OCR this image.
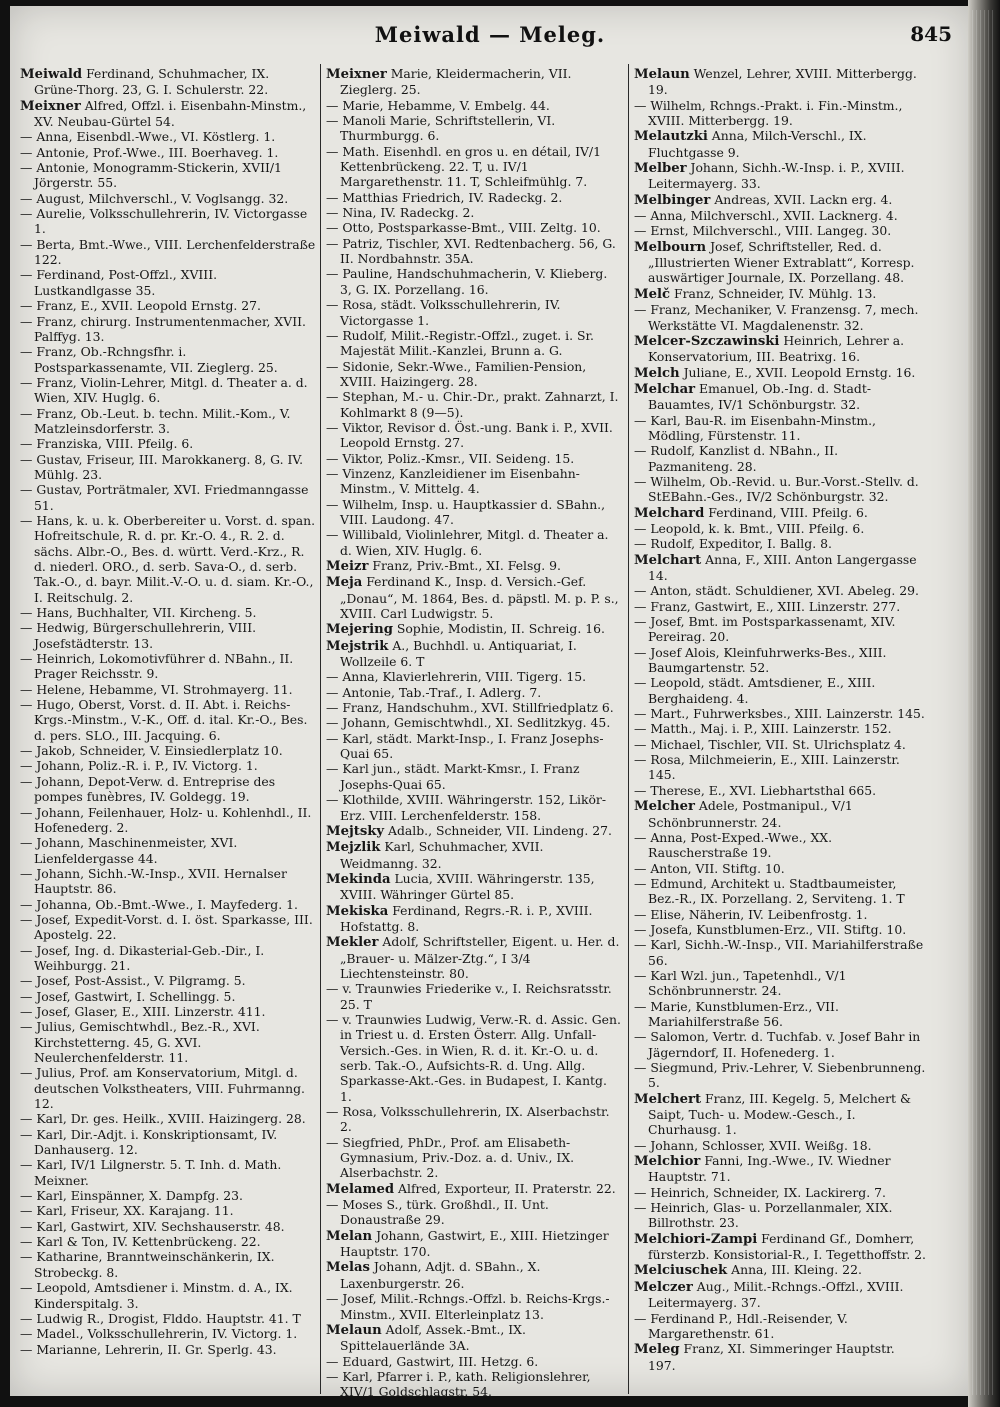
Meiwald — Meleg.	845

Meiwald Ferdinand, Schuhmacher, IX. Grüne-Thorg. 23, G. I. Schulerstr. 22.

Meixner Alfred, Offzl. i. Eisenbahn-Minstm., XV. Neubau-Gürtel 54.

— Anna, Eisenbdl.-Wwe., VI. Köstlerg. 1.

— Antonie, Prof.-Wwe., III. Boerhaveg. 1.

— Antonie, Monogramm-Stickerin, XVII/1 Jörgerstr. 55.

— August, Milchverschl., V. Voglsangg. 32.

— Aurelie, Volksschullehrerin, IV. Victorgasse 1.

— Berta, Bmt.-Wwe., VIII. Lerchenfelderstraße 122.

— Ferdinand, Post-Offzl., XVIII. Lustkandlgasse 35.

— Franz, E., XVII. Leopold Ernstg. 27.

— Franz, chirurg. Instrumentenmacher, XVII. Palffyg. 13.

— Franz, Ob.-Rchngsfhr. i. Postsparkassenamte, VII. Zieglerg. 25.

— Franz, Violin-Lehrer, Mitgl. d. Theater a. d. Wien, XIV. Huglg. 6.

— Franz, Ob.-Leut. b. techn. Milit.-Kom., V. Matzleinsdorferstr. 3.

— Franziska, VIII. Pfeilg. 6.

— Gustav, Friseur, III. Marokkanerg. 8, G. IV. Mühlg. 23.

— Gustav, Porträtmaler, XVI. Friedmanngasse 51.

— Hans, k. u. k. Oberbereiter u. Vorst. d. span. Hofreitschule, R. d. pr. Kr.-O. 4., R. 2. d. sächs. Albr.-O., Bes. d. württ. Verd.-Krz., R. d. niederl. ORO., d. serb. Sava-O., d. serb. Tak.-O., d. bayr. Milit.-V.-O. u. d. siam. Kr.-O., I. Reitschulg. 2.

— Hans, Buchhalter, VII. Kircheng. 5.

— Hedwig, Bürgerschullehrerin, VIII. Josefstädterstr. 13.

— Heinrich, Lokomotivführer d. NBahn., II. Prager Reichsstr. 9.

— Helene, Hebamme, VI. Strohmayerg. 11.

— Hugo, Oberst, Vorst. d. II. Abt. i. Reichs-Krgs.-Minstm., V.-K., Off. d. ital. Kr.-O., Bes. d. pers. SLO., III. Jacquing. 6.

— Jakob, Schneider, V. Einsiedlerplatz 10.

— Johann, Poliz.-R. i. P., IV. Victorg. 1.

— Johann, Depot-Verw. d. Entreprise des pompes funèbres, IV. Goldegg. 19.

— Johann, Feilenhauer, Holz- u. Kohlenhdl., II. Hofenederg. 2.

— Johann, Maschinenmeister, XVI. Lienfeldergasse 44.

— Johann, Sichh.-W.-Insp., XVII. Hernalser Hauptstr. 86.

— Johanna, Ob.-Bmt.-Wwe., I. Mayfederg. 1.

— Josef, Expedit-Vorst. d. I. öst. Sparkasse, III. Apostelg. 22.

— Josef, Ing. d. Dikasterial-Geb.-Dir., I. Weihburgg. 21.

— Josef, Post-Assist., V. Pilgramg. 5.

— Josef, Gastwirt, I. Schellingg. 5.

— Josef, Glaser, E., XIII. Linzerstr. 411.

— Julius, Gemischtwhdl., Bez.-R., XVI. Kirchstetterng. 45, G. XVI. Neulerchenfelderstr. 11.

— Julius, Prof. am Konservatorium, Mitgl. d. deutschen Volkstheaters, VIII. Fuhrmanng. 12.

— Karl, Dr. ges. Heilk., XVIII. Haizingerg. 28.

— Karl, Dir.-Adjt. i. Konskriptionsamt, IV. Danhauserg. 12.

— Karl, IV/1 Lilgnerstr. 5. T. Inh. d. Math. Meixner.

— Karl, Einspänner, X. Dampfg. 23.

— Karl, Friseur, XX. Karajang. 11.

— Karl, Gastwirt, XIV. Sechshauserstr. 48.

— Karl & Ton, IV. Kettenbrückeng. 22.

— Katharine, Branntweinschänkerin, IX. Strobeckg. 8.

— Leopold, Amtsdiener i. Minstm. d. A., IX. Kinderspitalg. 3.

— Ludwig R., Drogist, Flddo. Hauptstr. 41. T

— Madel., Volksschullehrerin, IV. Victorg. 1.

— Marianne, Lehrerin, II. Gr. Sperlg. 43.

Meixner Marie, Kleidermacherin, VII. Zieglerg. 25.

— Marie, Hebamme, V. Embelg. 44.

— Manoli Marie, Schriftstellerin, VI. Thurmburgg. 6.

— Math. Eisenhdl. en gros u. en détail, IV/1 Kettenbrückeng. 22. T, u. IV/1 Margarethenstr. 11. T, Schleifmühlg. 7.

— Matthias Friedrich, IV. Radeckg. 2.

— Nina, IV. Radeckg. 2.

— Otto, Postsparkasse-Bmt., VIII. Zeltg. 10.

— Patriz, Tischler, XVI. Redtenbacherg. 56, G. II. Nordbahnstr. 35A.

— Pauline, Handschuhmacherin, V. Klieberg. 3, G. IX. Porzellang. 16.

— Rosa, städt. Volksschullehrerin, IV. Victorgasse 1.

— Rudolf, Milit.-Registr.-Offzl., zuget. i. Sr. Majestät Milit.-Kanzlei, Brunn a. G.

— Sidonie, Sekr.-Wwe., Familien-Pension, XVIII. Haizingerg. 28.

— Stephan, M.- u. Chir.-Dr., prakt. Zahnarzt, I. Kohlmarkt 8 (9—5).

— Viktor, Revisor d. Öst.-ung. Bank i. P., XVII. Leopold Ernstg. 27.

— Viktor, Poliz.-Kmsr., VII. Seideng. 15.

— Vinzenz, Kanzleidiener im Eisenbahn-Minstm., V. Mittelg. 4.

— Wilhelm, Insp. u. Hauptkassier d. SBahn., VIII. Laudong. 47.

— Willibald, Violinlehrer, Mitgl. d. Theater a. d. Wien, XIV. Huglg. 6.

Meizr Franz, Priv.-Bmt., XI. Felsg. 9.

Meja Ferdinand K., Insp. d. Versich.-Gef. „Donau“, M. 1864, Bes. d. päpstl. M. p. P. s., XVIII. Carl Ludwigstr. 5.

Mejering Sophie, Modistin, II. Schreig. 16.

Mejstrik A., Buchhdl. u. Antiquariat, I. Wollzeile 6. T

— Anna, Klavierlehrerin, VIII. Tigerg. 15.

— Antonie, Tab.-Traf., I. Adlerg. 7.

— Franz, Handschuhm., XVI. Stillfriedplatz 6.

— Johann, Gemischtwhdl., XI. Sedlitzkyg. 45.

— Karl, städt. Markt-Insp., I. Franz Josephs-Quai 65.

— Karl jun., städt. Markt-Kmsr., I. Franz Josephs-Quai 65.

— Klothilde, XVIII. Währingerstr. 152, Likör-Erz. VIII. Lerchenfelderstr. 158.

Mejtsky Adalb., Schneider, VII. Lindeng. 27.

Mejzlik Karl, Schuhmacher, XVII. Weidmanng. 32.

Mekinda Lucia, XVIII. Währingerstr. 135, XVIII. Währinger Gürtel 85.

Mekiska Ferdinand, Regrs.-R. i. P., XVIII. Hofstattg. 8.

Mekler Adolf, Schriftsteller, Eigent. u. Her. d. „Brauer- u. Mälzer-Ztg.“, I 3/4 Liechtensteinstr. 80.

— v. Traunwies Friederike v., I. Reichsratsstr. 25. T

— v. Traunwies Ludwig, Verw.-R. d. Assic. Gen. in Triest u. d. Ersten Österr. Allg. Unfall-Versich.-Ges. in Wien, R. d. it. Kr.-O. u. d. serb. Tak.-O., Aufsichts-R. d. Ung. Allg. Sparkasse-Akt.-Ges. in Budapest, I. Kantg. 1.

— Rosa, Volksschullehrerin, IX. Alserbachstr. 2.

— Siegfried, PhDr., Prof. am Elisabeth-Gymnasium, Priv.-Doz. a. d. Univ., IX. Alserbachstr. 2.

Melamed Alfred, Exporteur, II. Praterstr. 22.

— Moses S., türk. Großhdl., II. Unt. Donaustraße 29.

Melan Johann, Gastwirt, E., XIII. Hietzinger Hauptstr. 170.

Melas Johann, Adjt. d. SBahn., X. Laxenburgerstr. 26.

— Josef, Milit.-Rchngs.-Offzl. b. Reichs-Krgs.-Minstm., XVII. Elterleinplatz 13.

Melaun Adolf, Assek.-Bmt., IX. Spittelauerlände 3A.

— Eduard, Gastwirt, III. Hetzg. 6.

— Karl, Pfarrer i. P., kath. Religionslehrer, XIV/1 Goldschlagstr. 54.

Melaun Wenzel, Lehrer, XVIII. Mitterbergg. 19.

— Wilhelm, Rchngs.-Prakt. i. Fin.-Minstm., XVIII. Mitterbergg. 19.

Melautzki Anna, Milch-Verschl., IX. Fluchtgasse 9.

Melber Johann, Sichh.-W.-Insp. i. P., XVIII. Leitermayerg. 33.

Melbinger Andreas, XVII. Lackn erg. 4.

— Anna, Milchverschl., XVII. Lacknerg. 4.

— Ernst, Milchverschl., VIII. Langeg. 30.

Melbourn Josef, Schriftsteller, Red. d. „Illustrierten Wiener Extrablatt“, Korresp. auswärtiger Journale, IX. Porzellang. 48.

Melč Franz, Schneider, IV. Mühlg. 13.

— Franz, Mechaniker, V. Franzensg. 7, mech. Werkstätte VI. Magdalenenstr. 32.

Melcer-Szczawinski Heinrich, Lehrer a. Konservatorium, III. Beatrixg. 16.

Melch Juliane, E., XVII. Leopold Ernstg. 16.

Melchar Emanuel, Ob.-Ing. d. Stadt-Bauamtes, IV/1 Schönburgstr. 32.

— Karl, Bau-R. im Eisenbahn-Minstm., Mödling, Fürstenstr. 11.

— Rudolf, Kanzlist d. NBahn., II. Pazmaniteng. 28.

— Wilhelm, Ob.-Revid. u. Bur.-Vorst.-Stellv. d. StEBahn.-Ges., IV/2 Schönburgstr. 32.

Melchard Ferdinand, VIII. Pfeilg. 6.

— Leopold, k. k. Bmt., VIII. Pfeilg. 6.

— Rudolf, Expeditor, I. Ballg. 8.

Melchart Anna, F., XIII. Anton Langergasse 14.

— Anton, städt. Schuldiener, XVI. Abeleg. 29.

— Franz, Gastwirt, E., XIII. Linzerstr. 277.

— Josef, Bmt. im Postsparkassenamt, XIV. Pereirag. 20.

— Josef Alois, Kleinfuhrwerks-Bes., XIII. Baumgartenstr. 52.

— Leopold, städt. Amtsdiener, E., XIII. Berghaideng. 4.

— Mart., Fuhrwerksbes., XIII. Lainzerstr. 145.

— Matth., Maj. i. P., XIII. Lainzerstr. 152.

— Michael, Tischler, VII. St. Ulrichsplatz 4.

— Rosa, Milchmeierin, E., XIII. Lainzerstr. 145.

— Therese, E., XVI. Liebhartsthal 665.

Melcher Adele, Postmanipul., V/1 Schönbrunnerstr. 24.

— Anna, Post-Exped.-Wwe., XX. Rauscherstraße 19.

— Anton, VII. Stiftg. 10.

— Edmund, Architekt u. Stadtbaumeister, Bez.-R., IX. Porzellang. 2, Serviteng. 1. T

— Elise, Näherin, IV. Leibenfrostg. 1.

— Josefa, Kunstblumen-Erz., VII. Stiftg. 10.

— Karl, Sichh.-W.-Insp., VII. Mariahilferstraße 56.

— Karl Wzl. jun., Tapetenhdl., V/1 Schönbrunnerstr. 24.

— Marie, Kunstblumen-Erz., VII. Mariahilferstraße 56.

— Salomon, Vertr. d. Tuchfab. v. Josef Bahr in Jägerndorf, II. Hofenederg. 1.

— Siegmund, Priv.-Lehrer, V. Siebenbrunneng. 5.

Melchert Franz, III. Kegelg. 5, Melchert & Saipt, Tuch- u. Modew.-Gesch., I. Churhausg. 1.

— Johann, Schlosser, XVII. Weißg. 18.

Melchior Fanni, Ing.-Wwe., IV. Wiedner Hauptstr. 71.

— Heinrich, Schneider, IX. Lackirerg. 7.

— Heinrich, Glas- u. Porzellanmaler, XIX. Billrothstr. 23.

Melchiori-Zampi Ferdinand Gf., Domherr, fürsterzb. Konsistorial-R., I. Tegetthoffstr. 2.

Melciuschek Anna, III. Kleing. 22.

Melczer Aug., Milit.-Rchngs.-Offzl., XVIII. Leitermayerg. 37.

— Ferdinand P., Hdl.-Reisender, V. Margarethenstr. 61.

Meleg Franz, XI. Simmeringer Hauptstr. 197.
